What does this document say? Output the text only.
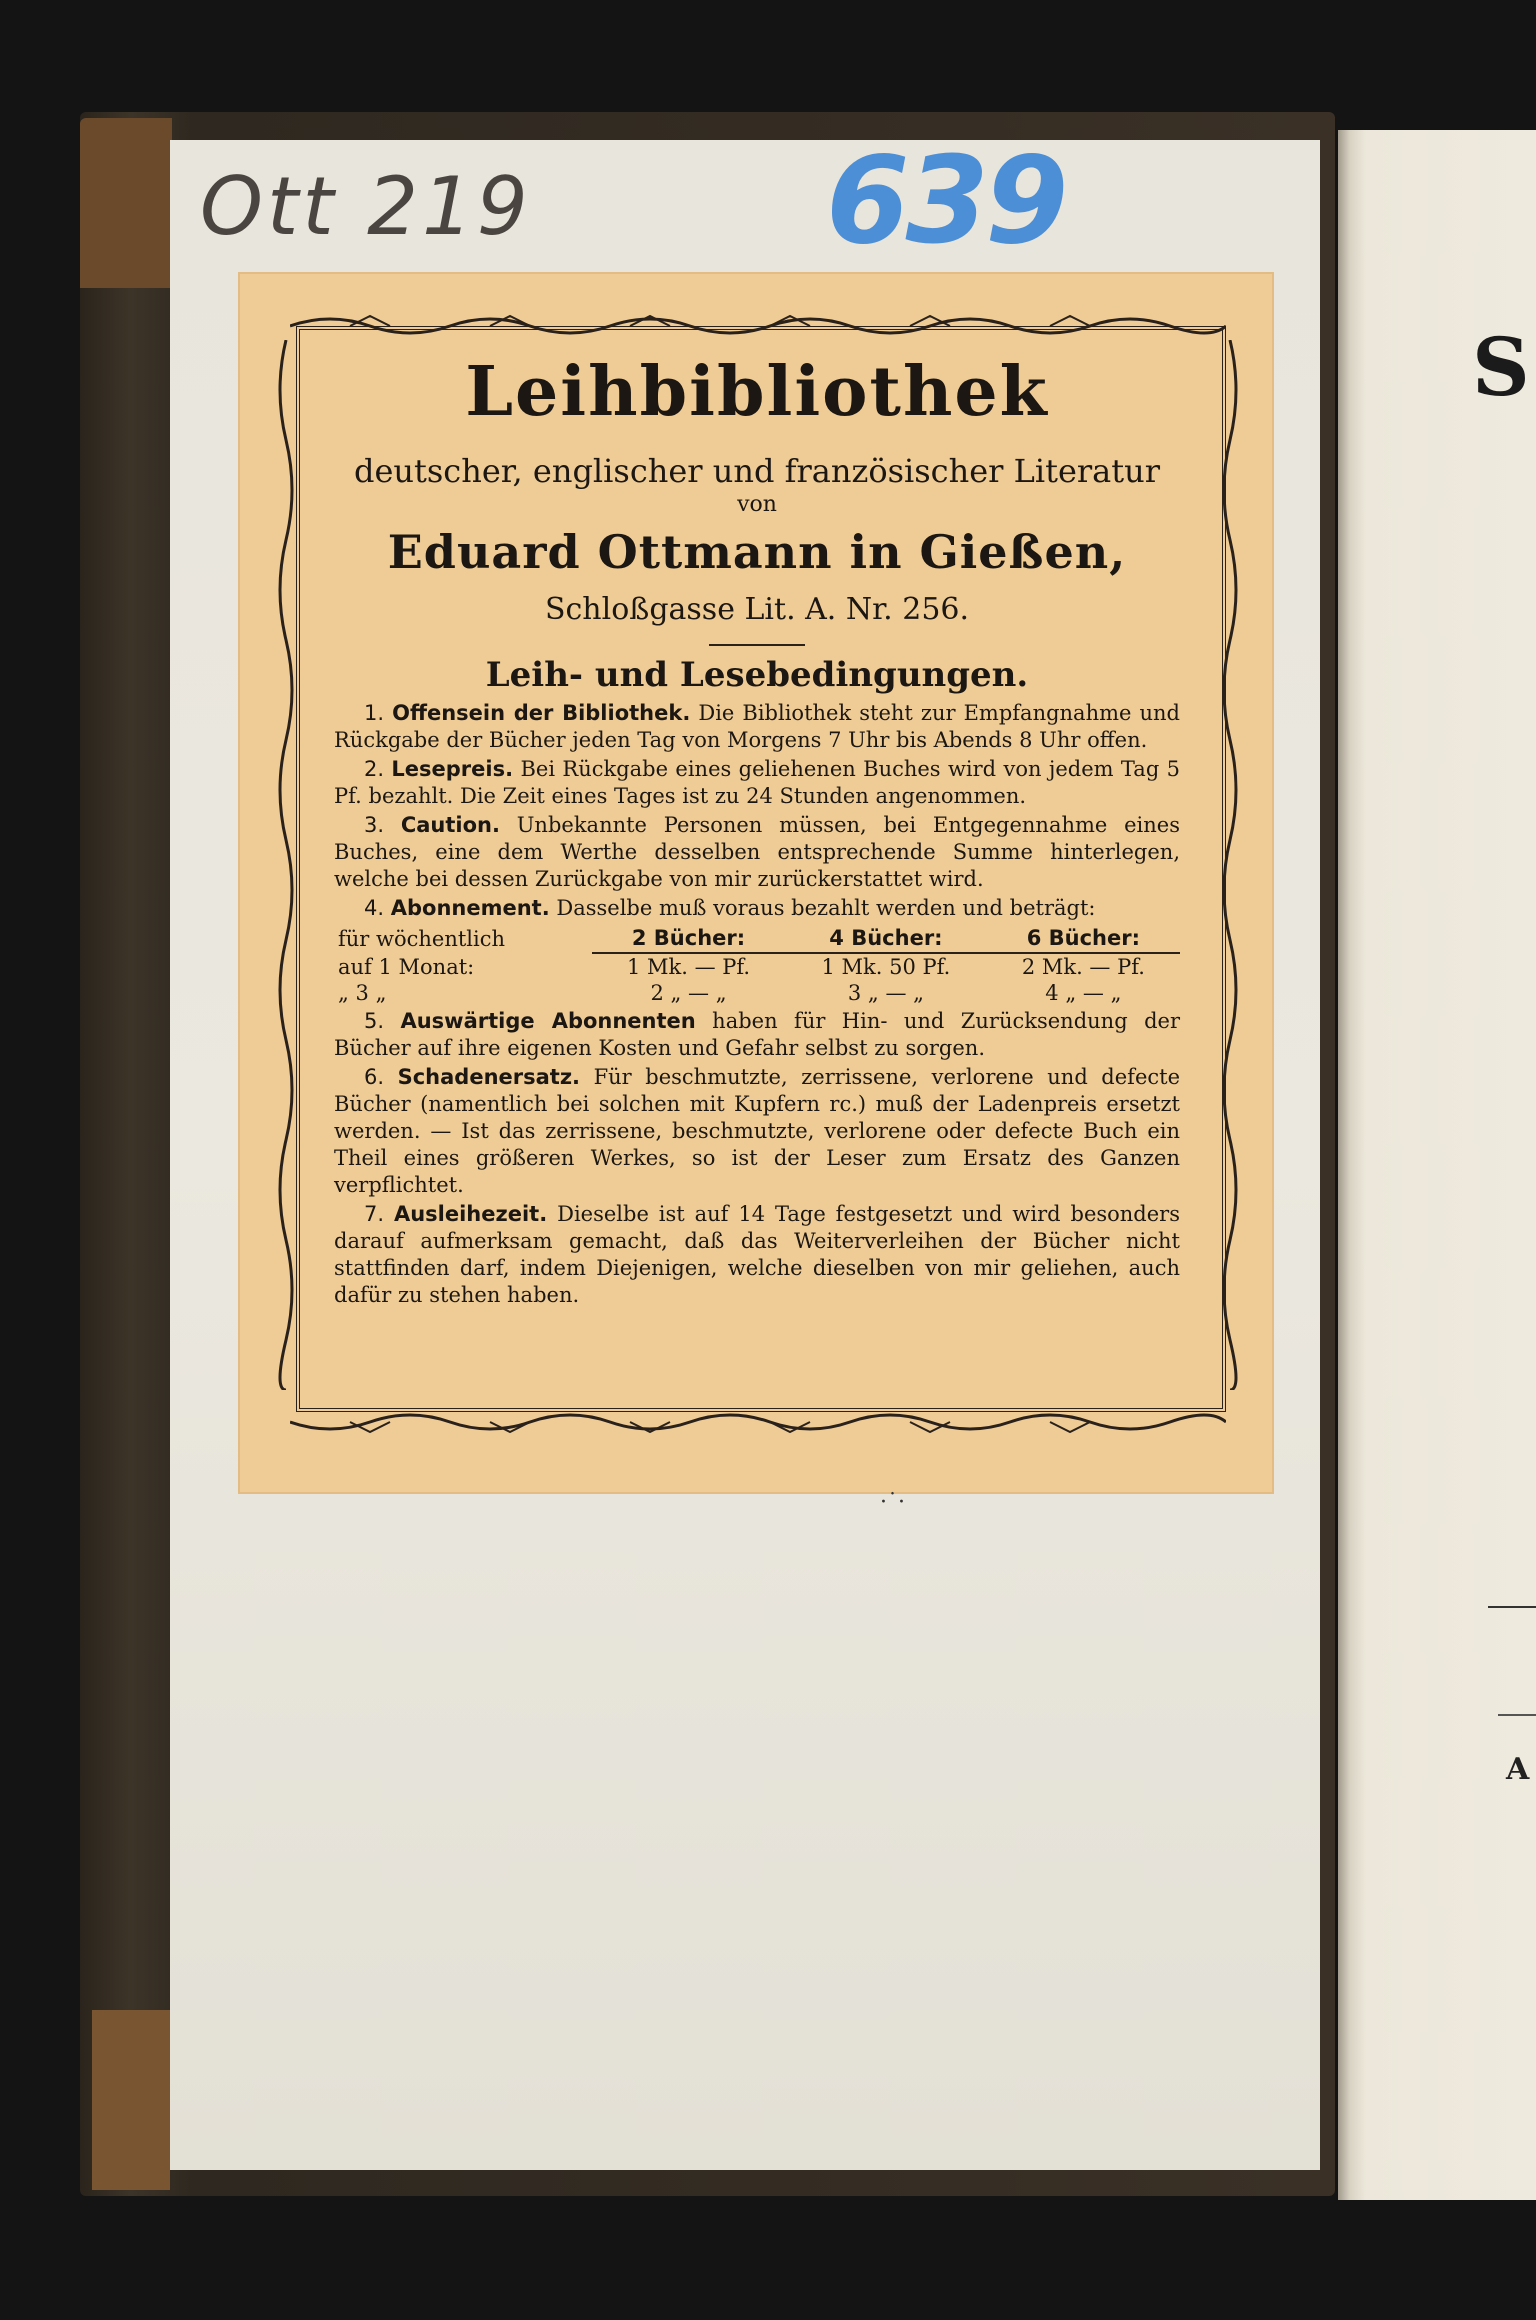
S
A
Ott 219
Leihbibliothek
deutscher, englischer und französischer Literatur
von
Eduard Ottmann in Gießen,
Schloßgasse Lit. A. Nr. 256.
Leih- und Lesebedingungen.
1. Offensein der Bibliothek. Die Bibliothek steht zur Empfangnahme und Rückgabe der Bücher jeden Tag von Morgens 7 Uhr bis Abends 8 Uhr offen.
2. Lesepreis. Bei Rückgabe eines geliehenen Buches wird von jedem Tag 5 Pf. bezahlt. Die Zeit eines Tages ist zu 24 Stunden angenommen.
3. Caution. Unbekannte Personen müssen, bei Entgegennahme eines Buches, eine dem Werthe desselben entsprechende Summe hinterlegen, welche bei dessen Zurückgabe von mir zurückerstattet wird.
4. Abonnement. Dasselbe muß voraus bezahlt werden und beträgt:
für wöchentlich	2 Bücher:	4 Bücher:	6 Bücher:
auf 1 Monat:	1 Mk. — Pf.	1 Mk. 50 Pf.	2 Mk. — Pf.
„ 3 „	2 „ — „	3 „ — „	4 „ — „
5. Auswärtige Abonnenten haben für Hin- und Zurücksendung der Bücher auf ihre eigenen Kosten und Gefahr selbst zu sorgen.
6. Schadenersatz. Für beschmutzte, zerrissene, verlorene und defecte Bücher (namentlich bei solchen mit Kupfern rc.) muß der Ladenpreis ersetzt werden. — Ist das zerrissene, beschmutzte, verlorene oder defecte Buch ein Theil eines größeren Werkes, so ist der Leser zum Ersatz des Ganzen verpflichtet.
7. Ausleihezeit. Dieselbe ist auf 14 Tage festgesetzt und wird besonders darauf aufmerksam gemacht, daß das Weiterverleihen der Bücher nicht stattfinden darf, indem Diejenigen, welche dieselben von mir geliehen, auch dafür zu stehen haben.
639
·˙·
